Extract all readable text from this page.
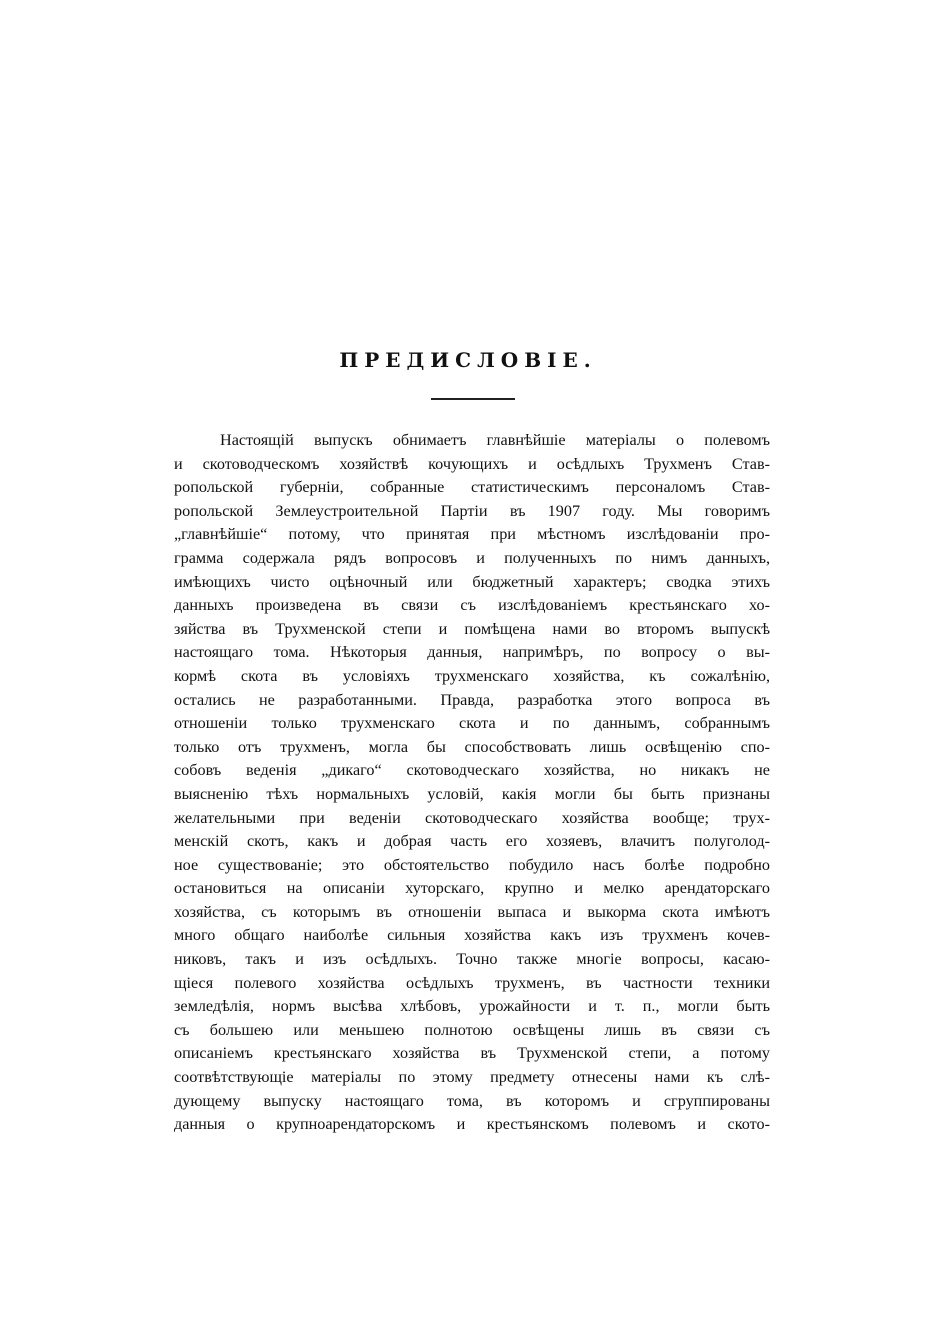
ПРЕДИСЛОВІЕ.
Настоящій выпускъ обнимаетъ главнѣйшіе матеріалы о полевомъ
и скотоводческомъ хозяйствѣ кочующихъ и осѣдлыхъ Трухменъ Став-
ропольской губерніи, собранные статистическимъ персоналомъ Став-
ропольской Землеустроительной Партіи въ 1907 году. Мы говоримъ
„главнѣйшіе“ потому, что принятая при мѣстномъ изслѣдованіи про-
грамма содержала рядъ вопросовъ и полученныхъ по нимъ данныхъ,
имѣющихъ чисто оцѣночный или бюджетный характеръ; сводка этихъ
данныхъ произведена въ связи съ изслѣдованіемъ крестьянскаго хо-
зяйства въ Трухменской степи и помѣщена нами во второмъ выпускѣ
настоящаго тома. Нѣкоторыя данныя, напримѣръ, по вопросу о вы-
кормѣ скота въ условіяхъ трухменскаго хозяйства, къ сожалѣнію,
остались не разработанными. Правда, разработка этого вопроса въ
отношеніи только трухменскаго скота и по даннымъ, собраннымъ
только отъ трухменъ, могла бы способствовать лишь освѣщенію спо-
собовъ веденія „дикаго“ скотоводческаго хозяйства, но никакъ не
выясненію тѣхъ нормальныхъ условій, какія могли бы быть признаны
желательными при веденіи скотоводческаго хозяйства вообще; трух-
менскій скотъ, какъ и добрая часть его хозяевъ, влачитъ полуголод-
ное существованіе; это обстоятельство побудило насъ болѣе подробно
остановиться на описаніи хуторскаго, крупно и мелко арендаторскаго
хозяйства, съ которымъ въ отношеніи выпаса и выкорма скота имѣютъ
много общаго наиболѣе сильныя хозяйства какъ изъ трухменъ кочев-
никовъ, такъ и изъ осѣдлыхъ. Точно также многіе вопросы, касаю-
щіеся полевого хозяйства осѣдлыхъ трухменъ, въ частности техники
земледѣлія, нормъ высѣва хлѣбовъ, урожайности и т. п., могли быть
съ большею или меньшею полнотою освѣщены лишь въ связи съ
описаніемъ крестьянскаго хозяйства въ Трухменской степи, а потому
соотвѣтствующіе матеріалы по этому предмету отнесены нами къ слѣ-
дующему выпуску настоящаго тома, въ которомъ и сгруппированы
данныя о крупноарендаторскомъ и крестьянскомъ полевомъ и ското-
